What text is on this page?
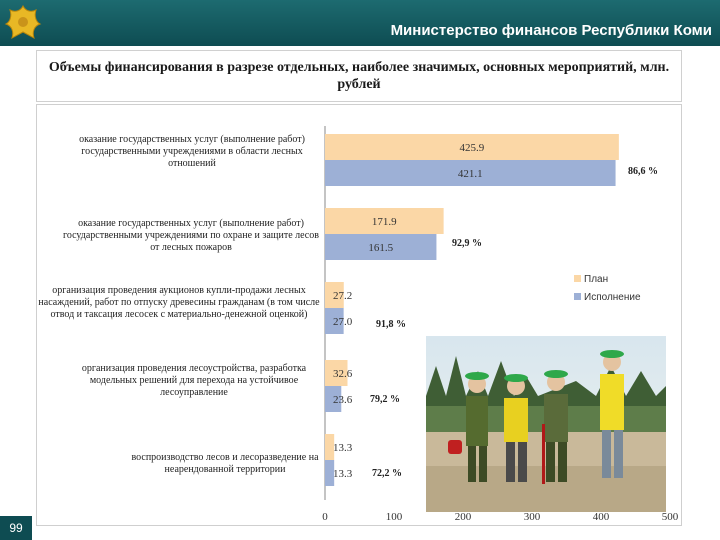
Министерство финансов Республики Коми
99
Объемы финансирования в разрезе отдельных, наиболее значимых, основных мероприятий, млн. рублей
оказание государственных услуг (выполнение работ) государственными учреждениями в области лесных отношений
оказание государственных услуг (выполнение работ) государственными учреждениями по охране и защите лесов от лесных пожаров
организация проведения аукционов купли-продажи лесных насаждений, работ по отпуску древесины гражданам (в том числе отвод и таксация лесосек с материально-денежной оценкой)
организация проведения лесоустройства, разработка модельных решений для перехода на устойчивое лесоуправление
воспроизводство лесов и лесоразведение на неарендованной территории
425.9
421.1	86,6 %
171.9
161.5	92,9 %
27.2
27.0 91,8 %
32.6
23.6 79,2 %
13.3
13.3 72,2 %
0	100	200	300	400	500
План
Исполнение
